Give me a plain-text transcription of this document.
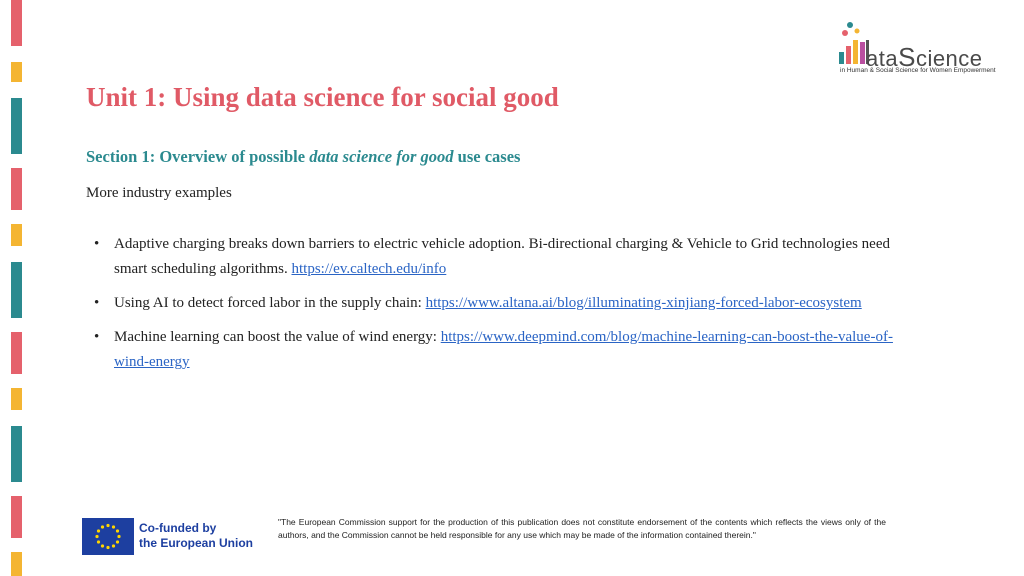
ataScience
in Human & Social Science for Women Empowerment
Unit 1: Using data science for social good
Section 1: Overview of possible data science for good use cases
More industry examples
• Adaptive charging breaks down barriers to electric vehicle adoption. Bi-directional charging & Vehicle to Grid technologies need smart scheduling algorithms. https://ev.caltech.edu/info
• Using AI to detect forced labor in the supply chain: https://www.altana.ai/blog/illuminating-xinjiang-forced-labor-ecosystem
• Machine learning can boost the value of wind energy: https://www.deepmind.com/blog/machine-learning-can-boost-the-value-of-wind-energy
Co-funded by
the European Union
"The European Commission support for the production of this publication does not constitute endorsement of the contents which reflects the views only of the authors, and the Commission cannot be held responsible for any use which may be made of the information contained therein."
